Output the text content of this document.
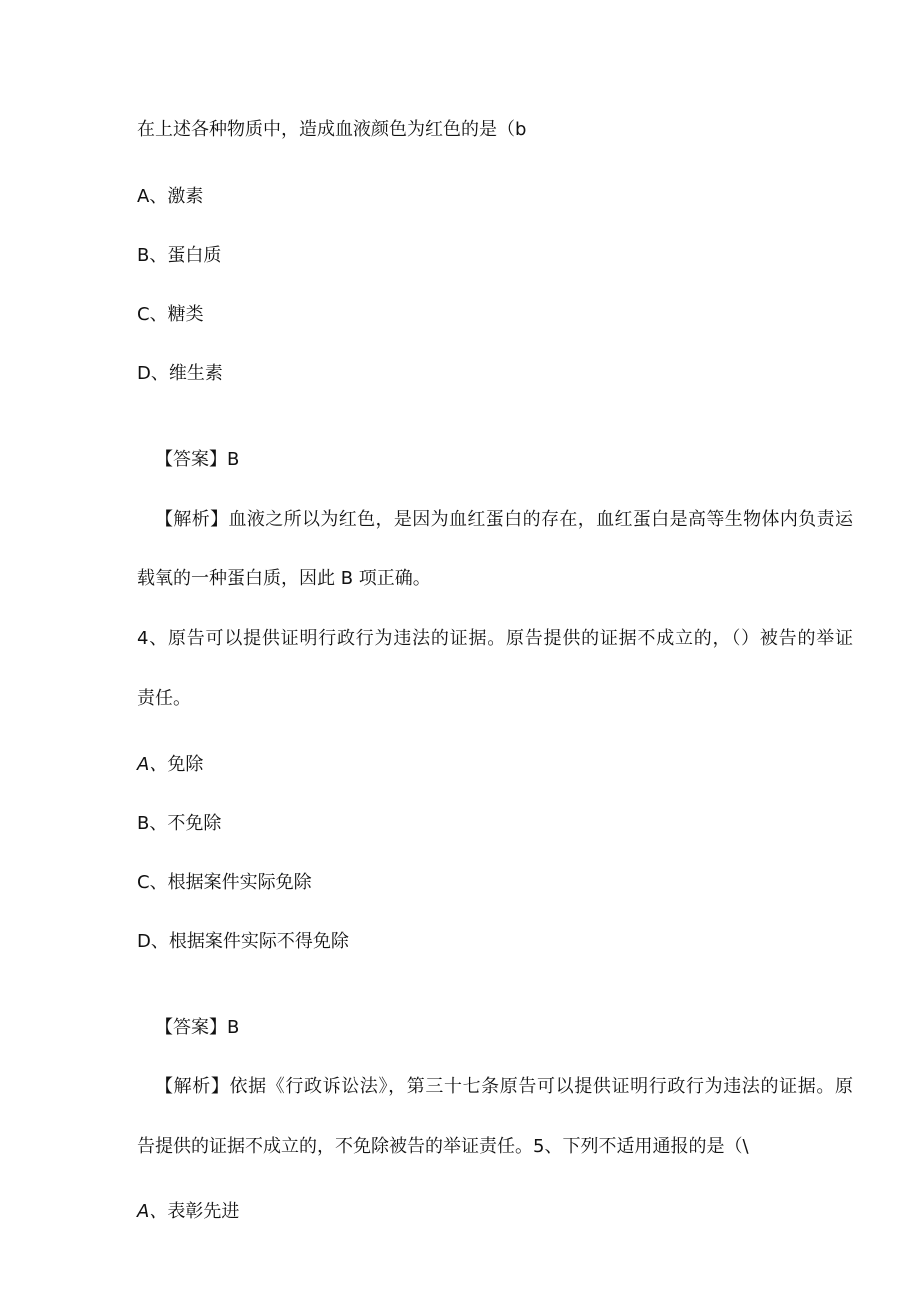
在上述各种物质中，造成血液颜色为红色的是（b
A、激素
B、蛋白质
C、糖类
D、维生素
【答案】B
【解析】血液之所以为红色，是因为血红蛋白的存在，血红蛋白是高等生物体内负责运
载氧的一种蛋白质，因此 B 项正确。
4、原告可以提供证明行政行为违法的证据。原告提供的证据不成立的，（）被告的举证
责任。
A、免除
B、不免除
C、根据案件实际免除
D、根据案件实际不得免除
【答案】B
【解析】依据《行政诉讼法》，第三十七条原告可以提供证明行政行为违法的证据。原
告提供的证据不成立的，不免除被告的举证责任。5、下列不适用通报的是（\
A、表彰先进
